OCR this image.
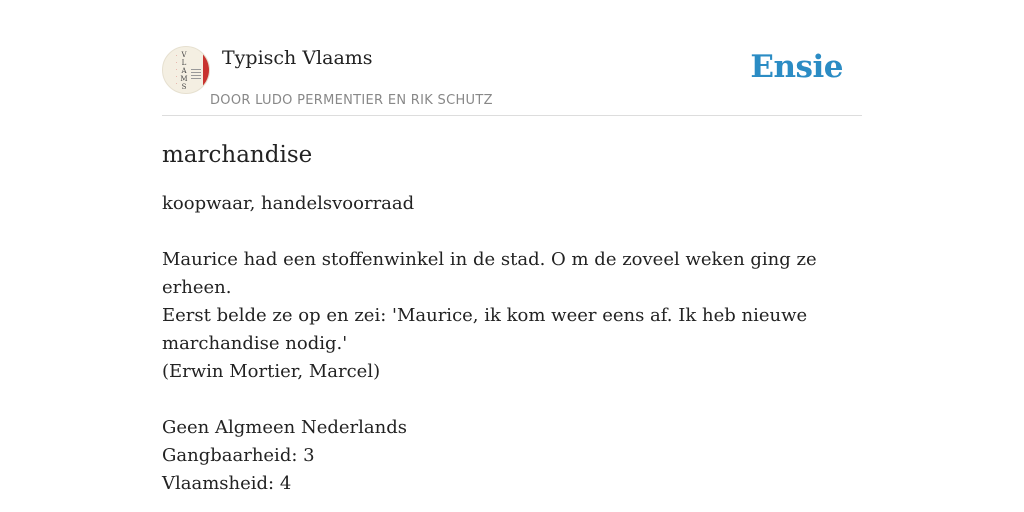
·
·
·
·
·
V
L
A
M
S
Typisch Vlaams
DOOR LUDO PERMENTIER EN RIK SCHUTZ
Ensie
marchandise
koopwaar, handelsvoorraad
Maurice had een stoffenwinkel in de stad. O m de zoveel weken ging ze erheen.
Eerst belde ze op en zei: 'Maurice, ik kom weer eens af. Ik heb nieuwe
marchandise nodig.'
(Erwin Mortier, Marcel)
Geen Algmeen Nederlands
Gangbaarheid: 3
Vlaamsheid: 4
